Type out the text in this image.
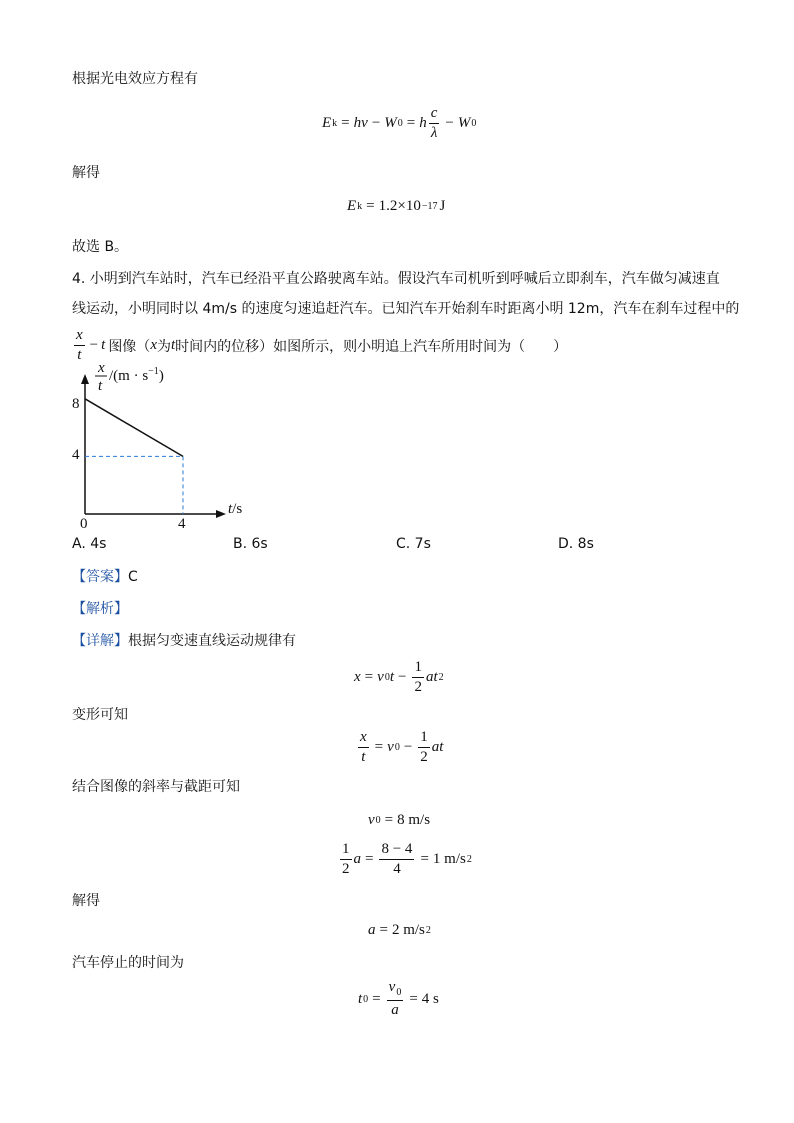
根据光电效应方程有
E k = hν − W 0 = h $\frac{c}{\lambda} - W$ 0
解得
E k = 1.2×10 −17 J
故选 B。
4. 小明到汽车站时，汽车已经沿平直公路驶离车站。假设汽车司机听到呼喊后立即刹车，汽车做匀减速直
线运动，小明同时以 4m/s 的速度匀速追赶汽车。已知汽车开始刹车时距离小明 12m，汽车在刹车过程中的
$\frac{x}{t} - t$ 图像（ x 为 t 时间内的位移）如图所示，则小明追上汽车所用时间为（　　）
x
t
$/(m \cdot s^{-1})$
8
4
0	4
t/s
A. 4s	B. 6s	C. 7s	D. 8s
【答案】C
【解析】
【详解】根据匀变速直线运动规律有
x = v 0 $t - \frac{1}{2}$ at 2
变形可知
$\frac{x}{t} = v$ $0 - \frac{1}{2}$ at
结合图像的斜率与截距可知
v 0 = 8 m/s
$\frac{1}{2}$ $a = \frac{8 - 4}{4} = 1$ m/s 2
解得
a = 2 m/s 2
汽车停止的时间为
t $0 = \frac{v_0}{a} = 4$ s
